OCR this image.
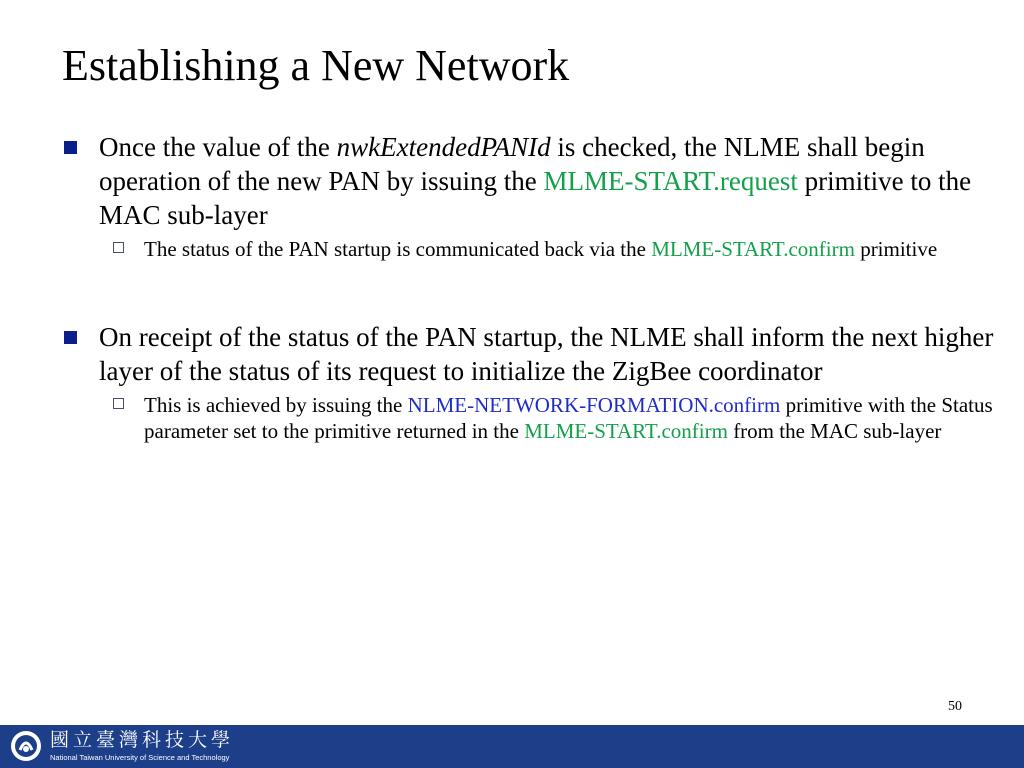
Establishing a New Network

Once the value of the nwkExtendedPANId is checked, the NLME shall begin operation of the new PAN by issuing the MLME-START.request primitive to the MAC sub-layer

The status of the PAN startup is communicated back via the MLME-START.confirm primitive

On receipt of the status of the PAN startup, the NLME shall inform the next higher layer of the status of its request to initialize the ZigBee coordinator

This is achieved by issuing the NLME-NETWORK-FORMATION.confirm primitive with the Status parameter set to the primitive returned in the MLME-START.confirm from the MAC sub-layer

50
國立臺灣科技大學
National Taiwan University of Science and Technology
